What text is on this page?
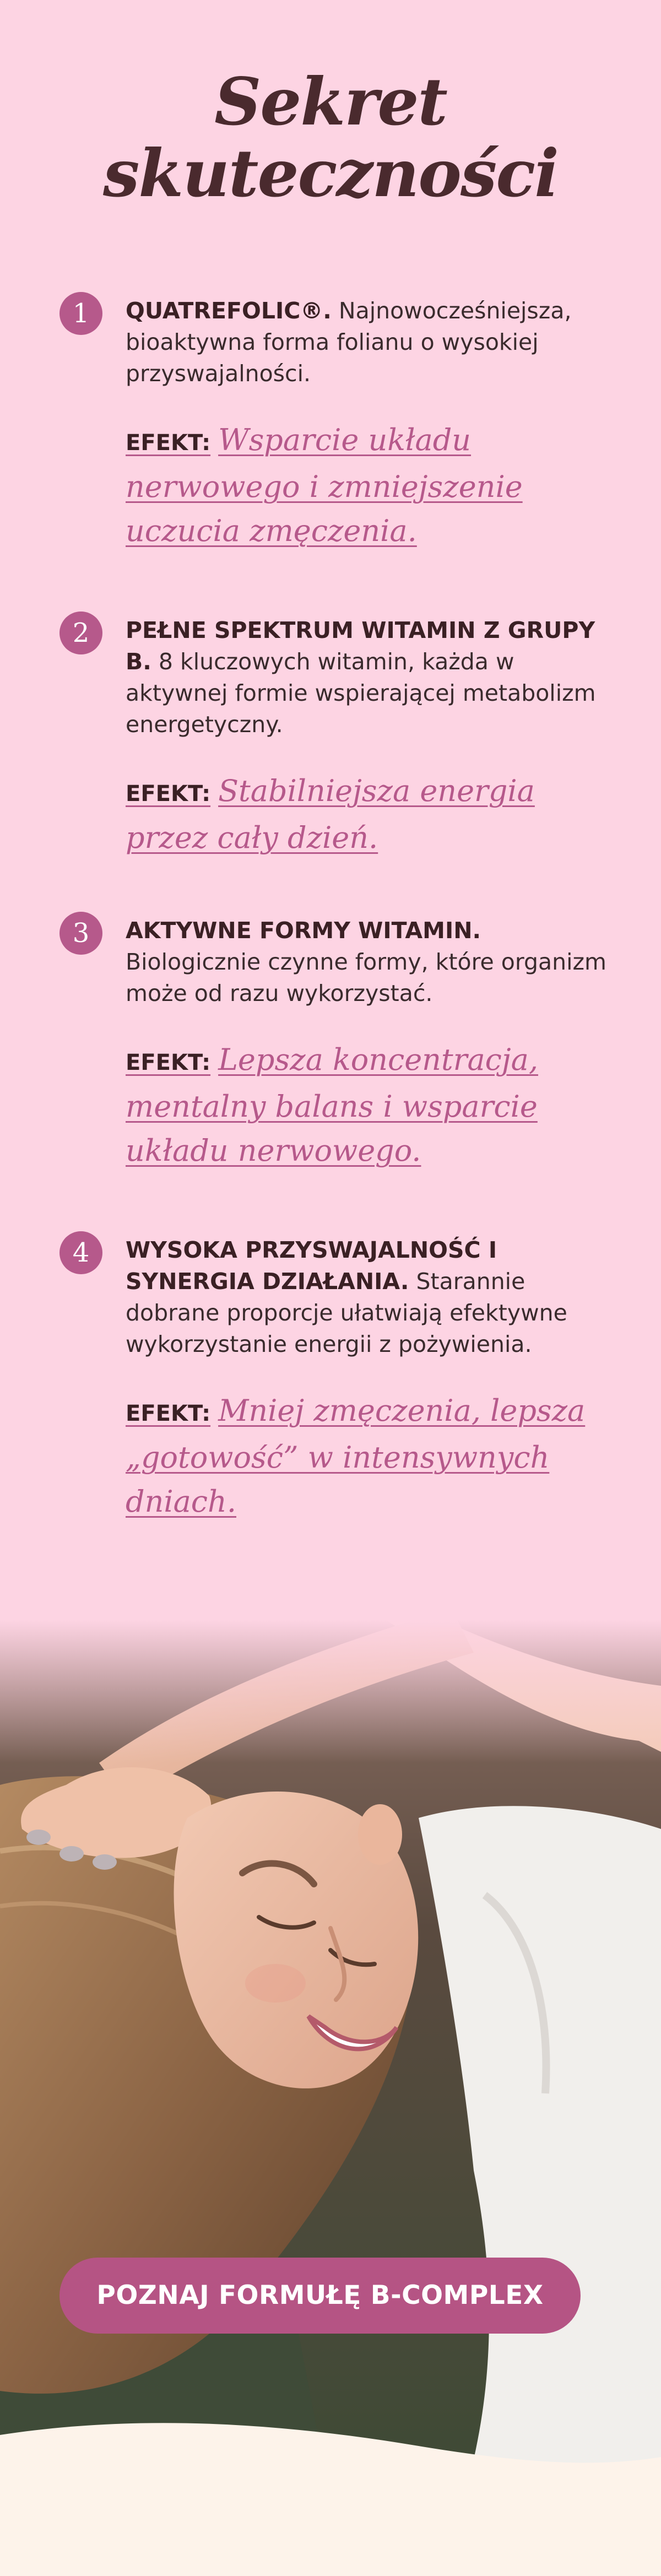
Sekret
skuteczności
1	QUATREFOLIC®. Najnowocześniejsza, bioaktywna forma folianu o wysokiej przyswajalności.

EFEKT: Wsparcie układu nerwowego i zmniejszenie uczucia zmęczenia.

2	PEŁNE SPEKTRUM WITAMIN Z GRUPY B. 8 kluczowych witamin, każda w aktywnej formie wspierającej metabolizm energetyczny.

EFEKT: Stabilniejsza energia przez cały dzień.

3	AKTYWNE FORMY WITAMIN. Biologicznie czynne formy, które organizm może od razu wykorzystać.

EFEKT: Lepsza koncentracja, mentalny balans i wsparcie układu nerwowego.

4	WYSOKA PRZYSWAJALNOŚĆ I SYNERGIA DZIAŁANIA. Starannie dobrane proporcje ułatwiają efektywne wykorzystanie energii z pożywienia.

EFEKT: Mniej zmęczenia, lepsza „gotowość” w intensywnych dniach.

POZNAJ FORMUŁĘ B-COMPLEX
